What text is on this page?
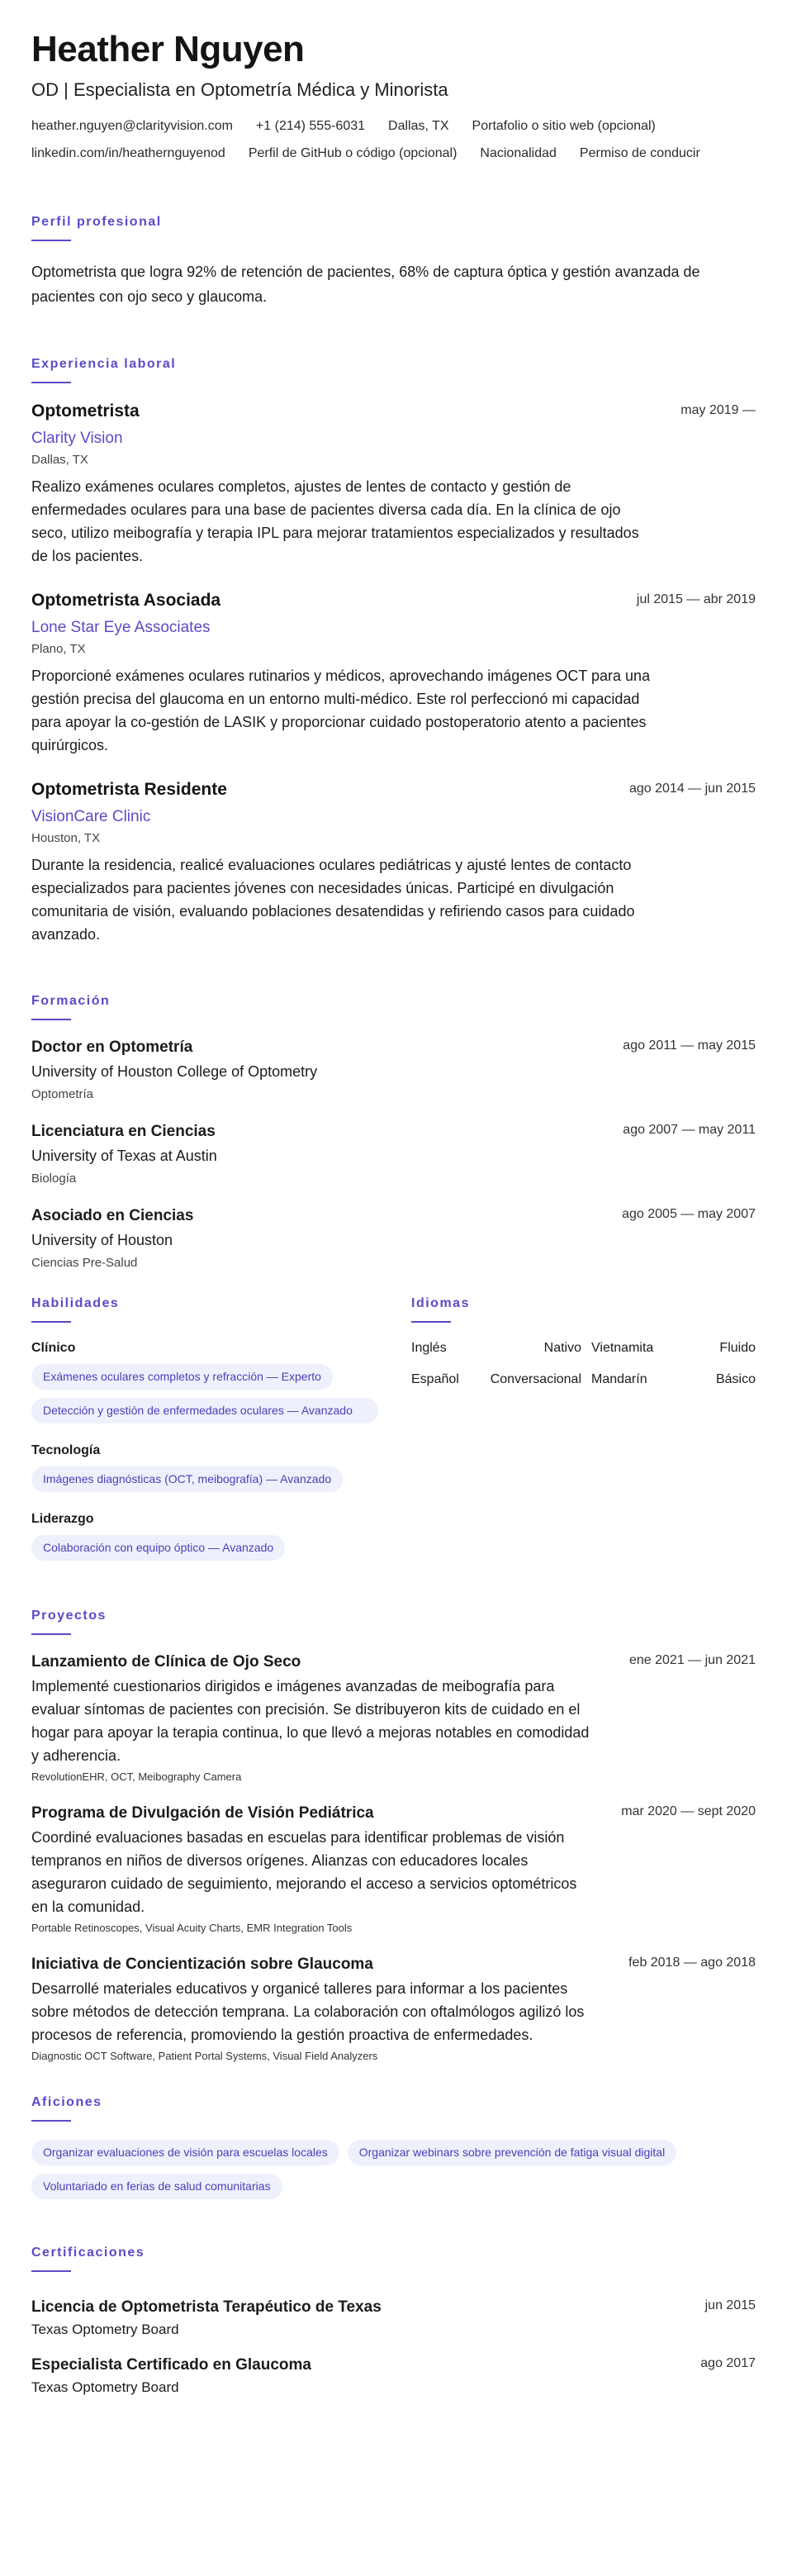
Heather Nguyen
OD | Especialista en Optometría Médica y Minorista
heather.nguyen@clarityvision.com +1 (214) 555-6031 Dallas, TX Portafolio o sitio web (opcional)
linkedin.com/in/heathernguyenod Perfil de GitHub o código (opcional) Nacionalidad Permiso de conducir
Perfil profesional

Optometrista que logra 92% de retención de pacientes, 68% de captura óptica y gestión avanzada de pacientes con ojo seco y glaucoma.

Experiencia laboral
Optometrista	may 2019 —
Clarity Vision
Dallas, TX

Realizo exámenes oculares completos, ajustes de lentes de contacto y gestión de enfermedades oculares para una base de pacientes diversa cada día. En la clínica de ojo seco, utilizo meibografía y terapia IPL para mejorar tratamientos especializados y resultados de los pacientes.

Optometrista Asociada	jul 2015 — abr 2019
Lone Star Eye Associates
Plano, TX

Proporcioné exámenes oculares rutinarios y médicos, aprovechando imágenes OCT para una gestión precisa del glaucoma en un entorno multi-médico. Este rol perfeccionó mi capacidad para apoyar la co-gestión de LASIK y proporcionar cuidado postoperatorio atento a pacientes quirúrgicos.

Optometrista Residente	ago 2014 — jun 2015
VisionCare Clinic
Houston, TX

Durante la residencia, realicé evaluaciones oculares pediátricas y ajusté lentes de contacto especializados para pacientes jóvenes con necesidades únicas. Participé en divulgación comunitaria de visión, evaluando poblaciones desatendidas y refiriendo casos para cuidado avanzado.

Formación
Doctor en Optometría	ago 2011 — may 2015
University of Houston College of Optometry
Optometría
Licenciatura en Ciencias	ago 2007 — may 2011
University of Texas at Austin
Biología
Asociado en Ciencias	ago 2005 — may 2007
University of Houston
Ciencias Pre-Salud
Habilidades
Clínico
Exámenes oculares completos y refracción — Experto
Detección y gestión de enfermedades oculares — Avanzado
Tecnología
Imágenes diagnósticas (OCT, meibografía) — Avanzado
Liderazgo
Colaboración con equipo óptico — Avanzado
Idiomas
Inglés	Nativo Vietnamita	Fluido
Español	Conversacional Mandarín	Básico
Proyectos
Lanzamiento de Clínica de Ojo Seco	ene 2021 — jun 2021

Implementé cuestionarios dirigidos e imágenes avanzadas de meibografía para evaluar síntomas de pacientes con precisión. Se distribuyeron kits de cuidado en el hogar para apoyar la terapia continua, lo que llevó a mejoras notables en comodidad y adherencia.

RevolutionEHR, OCT, Meibography Camera
Programa de Divulgación de Visión Pediátrica	mar 2020 — sept 2020

Coordiné evaluaciones basadas en escuelas para identificar problemas de visión tempranos en niños de diversos orígenes. Alianzas con educadores locales aseguraron cuidado de seguimiento, mejorando el acceso a servicios optométricos en la comunidad.

Portable Retinoscopes, Visual Acuity Charts, EMR Integration Tools
Iniciativa de Concientización sobre Glaucoma	feb 2018 — ago 2018

Desarrollé materiales educativos y organicé talleres para informar a los pacientes sobre métodos de detección temprana. La colaboración con oftalmólogos agilizó los procesos de referencia, promoviendo la gestión proactiva de enfermedades.

Diagnostic OCT Software, Patient Portal Systems, Visual Field Analyzers
Aficiones
Organizar evaluaciones de visión para escuelas locales	Organizar webinars sobre prevención de fatiga visual digital
Voluntariado en ferias de salud comunitarias
Certificaciones
Licencia de Optometrista Terapéutico de Texas	jun 2015
Texas Optometry Board
Especialista Certificado en Glaucoma	ago 2017
Texas Optometry Board
